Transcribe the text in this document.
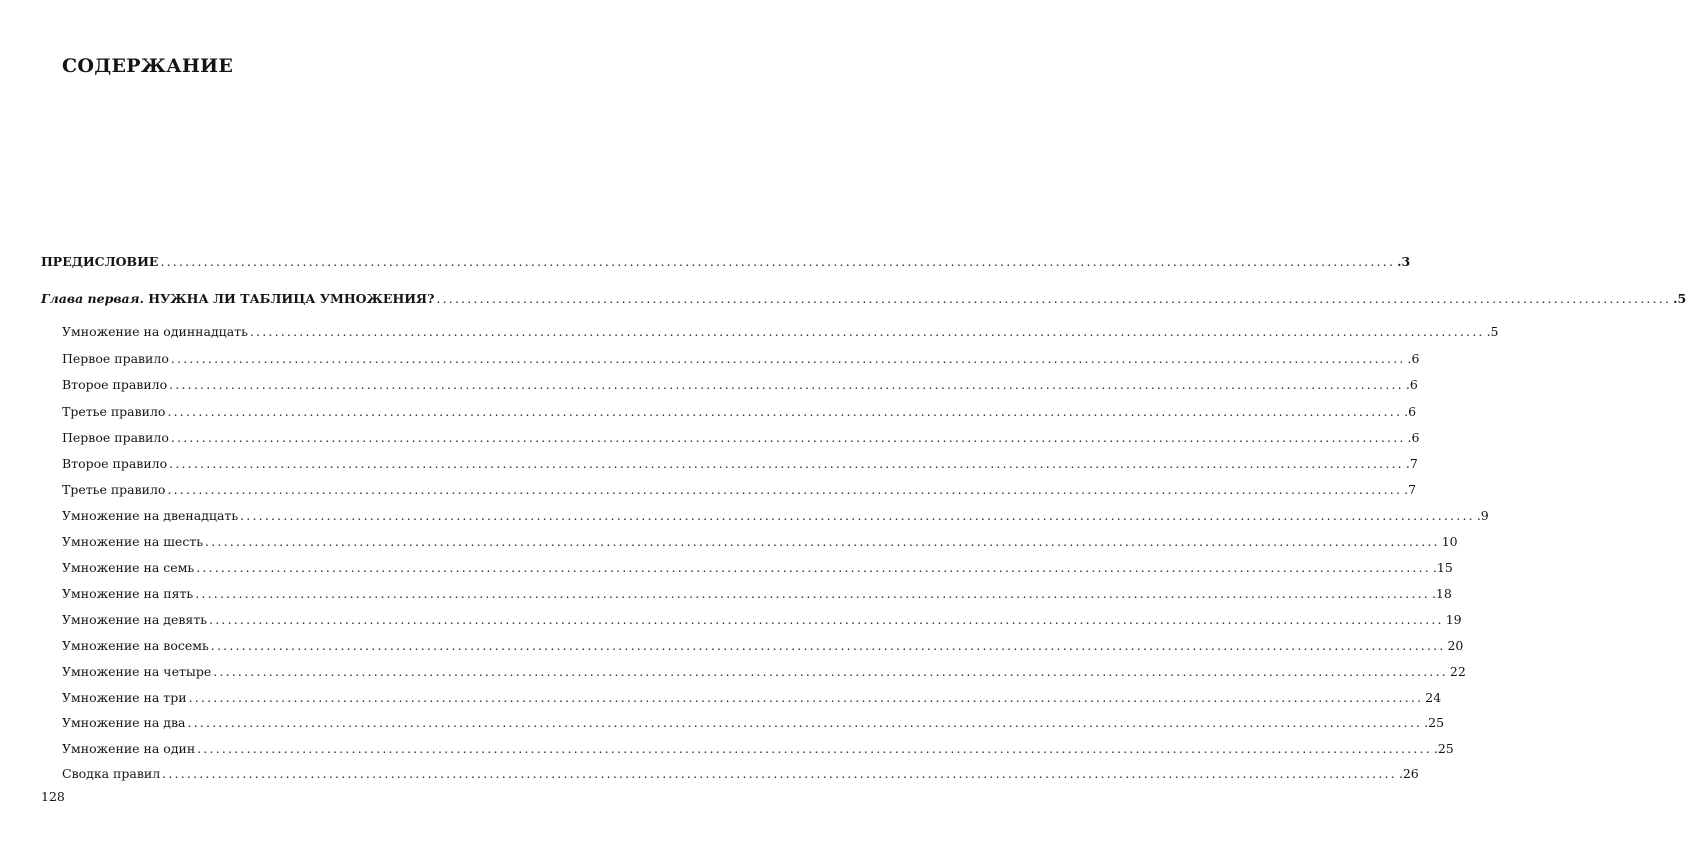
СОДЕРЖАНИЕ
ПРЕДИСЛОВИЕ ........................................................................................................................................................................................................ .3
Глава первая. НУЖНА ЛИ ТАБЛИЦА УМНОЖЕНИЯ? ........................................................................................................................................................................................................ .5
Умножение на одиннадцать ........................................................................................................................................................................................................ .5
Первое правило ........................................................................................................................................................................................................ .6
Второе правило ........................................................................................................................................................................................................ .6
Третье правило ........................................................................................................................................................................................................ .6
Первое правило ........................................................................................................................................................................................................ .6
Второе правило ........................................................................................................................................................................................................ .7
Третье правило ........................................................................................................................................................................................................ .7
Умножение на двенадцать ........................................................................................................................................................................................................ .9
Умножение на шесть ........................................................................................................................................................................................................ 10
Умножение на семь ........................................................................................................................................................................................................ .15
Умножение на пять ........................................................................................................................................................................................................ .18
Умножение на девять ........................................................................................................................................................................................................ 19
Умножение на восемь ........................................................................................................................................................................................................ 20
Умножение на четыре ........................................................................................................................................................................................................ 22
Умножение на три ........................................................................................................................................................................................................ 24
Умножение на два ........................................................................................................................................................................................................ .25
Умножение на один ........................................................................................................................................................................................................ .25
Сводка правил ........................................................................................................................................................................................................ .26
128
